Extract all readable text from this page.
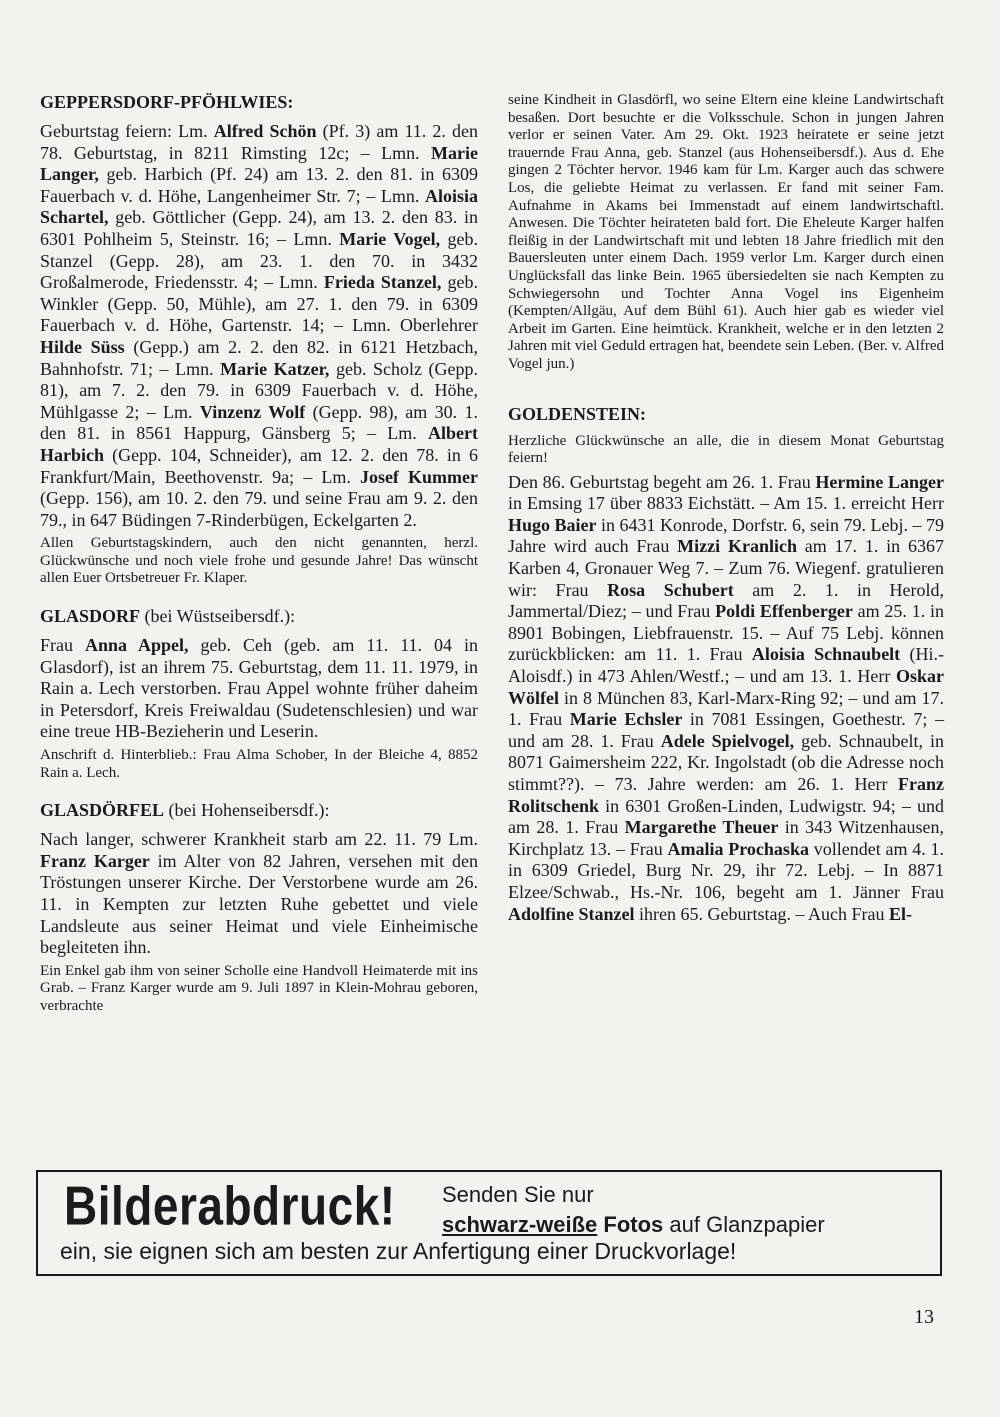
GEPPERSDORF-PFÖHLWIES:

Geburtstag feiern: Lm. Alfred Schön (Pf. 3) am 11. 2. den 78. Geburtstag, in 8211 Rimsting 12c; – Lmn. Marie Langer, geb. Harbich (Pf. 24) am 13. 2. den 81. in 6309 Fauerbach v. d. Höhe, Langenheimer Str. 7; – Lmn. Aloisia Schartel, geb. Göttlicher (Gepp. 24), am 13. 2. den 83. in 6301 Pohlheim 5, Steinstr. 16; – Lmn. Marie Vogel, geb. Stanzel (Gepp. 28), am 23. 1. den 70. in 3432 Großalmerode, Friedensstr. 4; – Lmn. Frieda Stanzel, geb. Winkler (Gepp. 50, Mühle), am 27. 1. den 79. in 6309 Fauerbach v. d. Höhe, Gartenstr. 14; – Lmn. Oberlehrer Hilde Süss (Gepp.) am 2. 2. den 82. in 6121 Hetzbach, Bahnhofstr. 71; – Lmn. Marie Katzer, geb. Scholz (Gepp. 81), am 7. 2. den 79. in 6309 Fauerbach v. d. Höhe, Mühlgasse 2; – Lm. Vinzenz Wolf (Gepp. 98), am 30. 1. den 81. in 8561 Happurg, Gänsberg 5; – Lm. Albert Harbich (Gepp. 104, Schneider), am 12. 2. den 78. in 6 Frankfurt/Main, Beethovenstr. 9a; – Lm. Josef Kummer (Gepp. 156), am 10. 2. den 79. und seine Frau am 9. 2. den 79., in 647 Büdingen 7-Rinderbügen, Eckelgarten 2.

Allen Geburtstagskindern, auch den nicht genannten, herzl. Glückwünsche und noch viele frohe und gesunde Jahre! Das wünscht allen Euer Ortsbetreuer Fr. Klaper.

GLASDORF (bei Wüstseibersdf.):

Frau Anna Appel, geb. Ceh (geb. am 11. 11. 04 in Glasdorf), ist an ihrem 75. Geburtstag, dem 11. 11. 1979, in Rain a. Lech verstorben. Frau Appel wohnte früher daheim in Petersdorf, Kreis Freiwaldau (Sudetenschlesien) und war eine treue HB-Bezieherin und Leserin.

Anschrift d. Hinterblieb.: Frau Alma Schober, In der Bleiche 4, 8852 Rain a. Lech.

GLASDÖRFEL (bei Hohenseibersdf.):

Nach langer, schwerer Krankheit starb am 22. 11. 79 Lm. Franz Karger im Alter von 82 Jahren, versehen mit den Tröstungen unserer Kirche. Der Verstorbene wurde am 26. 11. in Kempten zur letzten Ruhe gebettet und viele Landsleute aus seiner Heimat und viele Einheimische begleiteten ihn.

Ein Enkel gab ihm von seiner Scholle eine Handvoll Heimaterde mit ins Grab. – Franz Karger wurde am 9. Juli 1897 in Klein-Mohrau geboren, verbrachte

seine Kindheit in Glasdörfl, wo seine Eltern eine kleine Landwirtschaft besaßen. Dort besuchte er die Volksschule. Schon in jungen Jahren verlor er seinen Vater. Am 29. Okt. 1923 heiratete er seine jetzt trauernde Frau Anna, geb. Stanzel (aus Hohenseibersdf.). Aus d. Ehe gingen 2 Töchter hervor. 1946 kam für Lm. Karger auch das schwere Los, die geliebte Heimat zu verlassen. Er fand mit seiner Fam. Aufnahme in Akams bei Immenstadt auf einem landwirtschaftl. Anwesen. Die Töchter heirateten bald fort. Die Eheleute Karger halfen fleißig in der Landwirtschaft mit und lebten 18 Jahre friedlich mit den Bauersleuten unter einem Dach. 1959 verlor Lm. Karger durch einen Unglücksfall das linke Bein. 1965 übersiedelten sie nach Kempten zu Schwiegersohn und Tochter Anna Vogel ins Eigenheim (Kempten/Allgäu, Auf dem Bühl 61). Auch hier gab es wieder viel Arbeit im Garten. Eine heimtück. Krankheit, welche er in den letzten 2 Jahren mit viel Geduld ertragen hat, beendete sein Leben. (Ber. v. Alfred Vogel jun.)

GOLDENSTEIN:

Herzliche Glückwünsche an alle, die in diesem Monat Geburtstag feiern!

Den 86. Geburtstag begeht am 26. 1. Frau Hermine Langer in Emsing 17 über 8833 Eichstätt. – Am 15. 1. erreicht Herr Hugo Baier in 6431 Konrode, Dorfstr. 6, sein 79. Lebj. – 79 Jahre wird auch Frau Mizzi Kranlich am 17. 1. in 6367 Karben 4, Gronauer Weg 7. – Zum 76. Wiegenf. gratulieren wir: Frau Rosa Schubert am 2. 1. in Herold, Jammertal/Diez; – und Frau Poldi Effenberger am 25. 1. in 8901 Bobingen, Liebfrauenstr. 15. – Auf 75 Lebj. können zurückblicken: am 11. 1. Frau Aloisia Schnaubelt (Hi.-Aloisdf.) in 473 Ahlen/Westf.; – und am 13. 1. Herr Oskar Wölfel in 8 München 83, Karl-Marx-Ring 92; – und am 17. 1. Frau Marie Echsler in 7081 Essingen, Goethestr. 7; – und am 28. 1. Frau Adele Spielvogel, geb. Schnaubelt, in 8071 Gaimersheim 222, Kr. Ingolstadt (ob die Adresse noch stimmt??). – 73. Jahre werden: am 26. 1. Herr Franz Rolitschenk in 6301 Großen-Linden, Ludwigstr. 94; – und am 28. 1. Frau Margarethe Theuer in 343 Witzenhausen, Kirchplatz 13. – Frau Amalia Prochaska vollendet am 4. 1. in 6309 Griedel, Burg Nr. 29, ihr 72. Lebj. – In 8871 Elzee/Schwab., Hs.-Nr. 106, begeht am 1. Jänner Frau Adolfine Stanzel ihren 65. Geburtstag. – Auch Frau El-

Bilderabdruck! Senden Sie nur
schwarz-weiße Fotos auf Glanzpapier
ein, sie eignen sich am besten zur Anfertigung einer Druckvorlage!
13
